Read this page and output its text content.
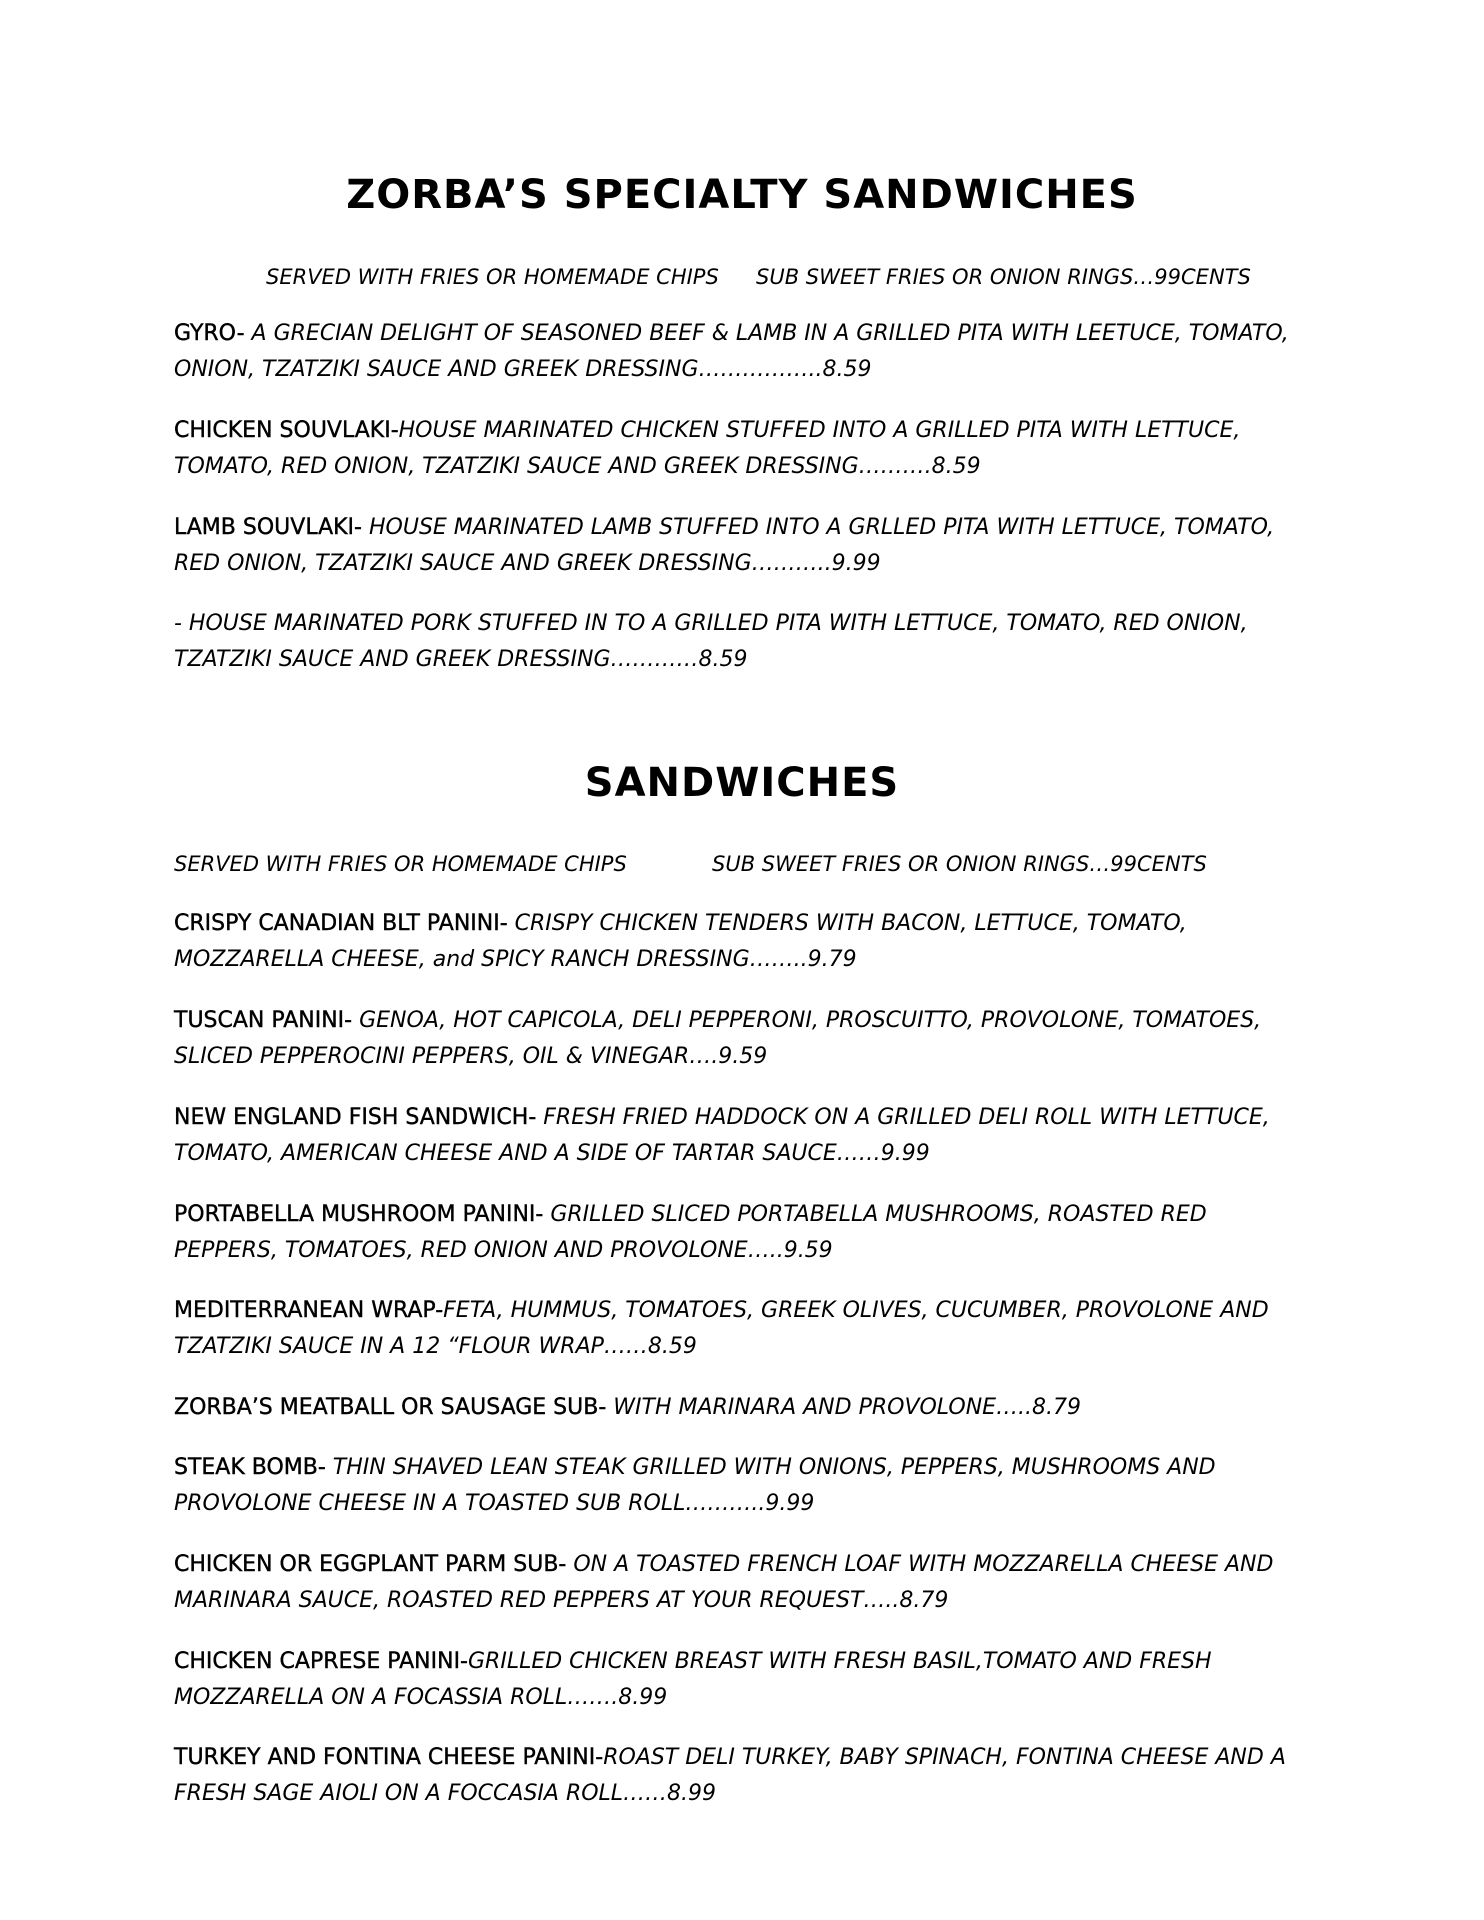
ZORBA’S SPECIALTY SANDWICHES
SERVED WITH FRIES OR HOMEMADE CHIPS SUB SWEET FRIES OR ONION RINGS…99CENTS

GYRO- A GRECIAN DELIGHT OF SEASONED BEEF & LAMB IN A GRILLED PITA WITH LEETUCE, TOMATO, ONION, TZATZIKI SAUCE AND GREEK DRESSING……………..8.59

CHICKEN SOUVLAKI-HOUSE MARINATED CHICKEN STUFFED INTO A GRILLED PITA WITH LETTUCE, TOMATO, RED ONION, TZATZIKI SAUCE AND GREEK DRESSING……….8.59

LAMB SOUVLAKI- HOUSE MARINATED LAMB STUFFED INTO A GRLLED PITA WITH LETTUCE, TOMATO, RED ONION, TZATZIKI SAUCE AND GREEK DRESSING………..9.99

- HOUSE MARINATED PORK STUFFED IN TO A GRILLED PITA WITH LETTUCE, TOMATO, RED ONION, TZATZIKI SAUCE AND GREEK DRESSING…………8.59

SANDWICHES
SERVED WITH FRIES OR HOMEMADE CHIPS	SUB SWEET FRIES OR ONION RINGS…99CENTS

CRISPY CANADIAN BLT PANINI- CRISPY CHICKEN TENDERS WITH BACON, LETTUCE, TOMATO, MOZZARELLA CHEESE, and SPICY RANCH DRESSING……..9.79

TUSCAN PANINI- GENOA, HOT CAPICOLA, DELI PEPPERONI, PROSCUITTO, PROVOLONE, TOMATOES, SLICED PEPPEROCINI PEPPERS, OIL & VINEGAR….9.59

NEW ENGLAND FISH SANDWICH- FRESH FRIED HADDOCK ON A GRILLED DELI ROLL WITH LETTUCE, TOMATO, AMERICAN CHEESE AND A SIDE OF TARTAR SAUCE……9.99

PORTABELLA MUSHROOM PANINI- GRILLED SLICED PORTABELLA MUSHROOMS, ROASTED RED PEPPERS, TOMATOES, RED ONION AND PROVOLONE…..9.59

MEDITERRANEAN WRAP-FETA, HUMMUS, TOMATOES, GREEK OLIVES, CUCUMBER, PROVOLONE AND TZATZIKI SAUCE IN A 12 “FLOUR WRAP……8.59

ZORBA’S MEATBALL OR SAUSAGE SUB- WITH MARINARA AND PROVOLONE…..8.79

STEAK BOMB- THIN SHAVED LEAN STEAK GRILLED WITH ONIONS, PEPPERS, MUSHROOMS AND PROVOLONE CHEESE IN A TOASTED SUB ROLL………..9.99

CHICKEN OR EGGPLANT PARM SUB- ON A TOASTED FRENCH LOAF WITH MOZZARELLA CHEESE AND MARINARA SAUCE, ROASTED RED PEPPERS AT YOUR REQUEST…..8.79

CHICKEN CAPRESE PANINI-GRILLED CHICKEN BREAST WITH FRESH BASIL,TOMATO AND FRESH MOZZARELLA ON A FOCASSIA ROLL…….8.99

TURKEY AND FONTINA CHEESE PANINI-ROAST DELI TURKEY, BABY SPINACH, FONTINA CHEESE AND A FRESH SAGE AIOLI ON A FOCCASIA ROLL……8.99
